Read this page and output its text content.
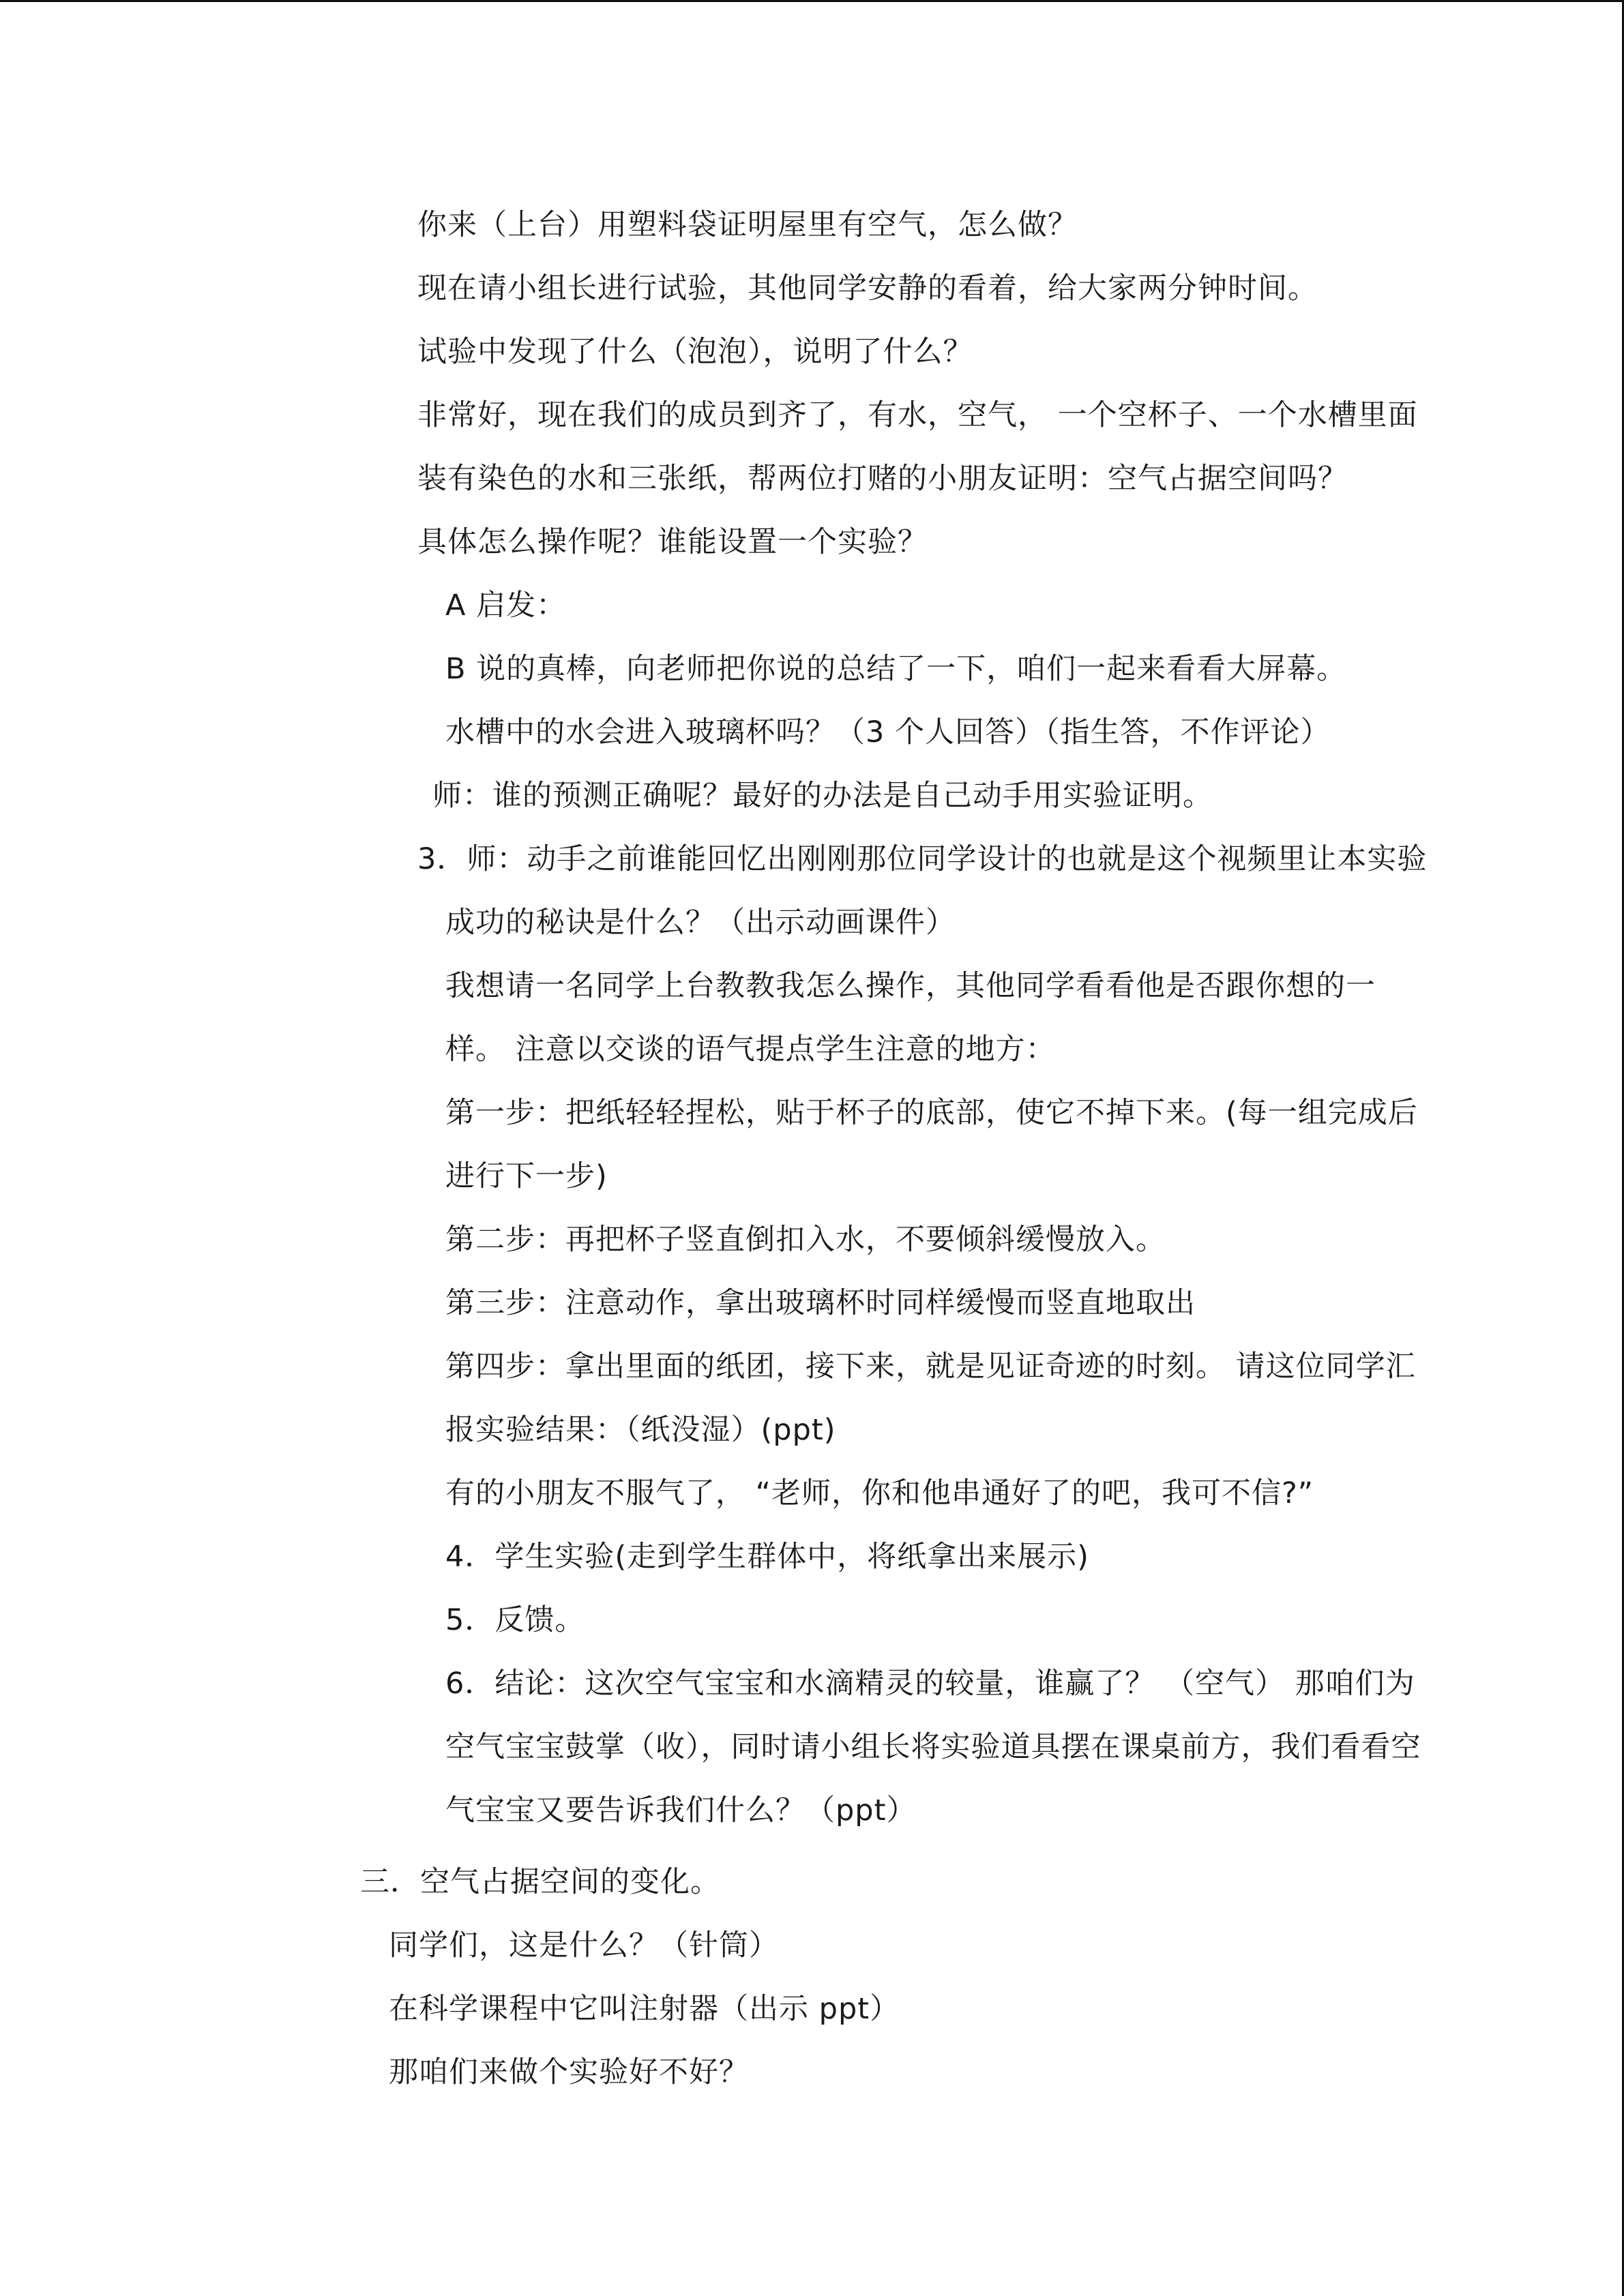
你来（上台）用塑料袋证明屋里有空气，怎么做？
现在请小组长进行试验，其他同学安静的看着，给大家两分钟时间。
试验中发现了什么（泡泡），说明了什么？
非常好，现在我们的成员到齐了，有水，空气， 一个空杯子、一个水槽里面
装有染色的水和三张纸，帮两位打赌的小朋友证明：空气占据空间吗？
具体怎么操作呢？谁能设置一个实验？
A 启发：
B 说的真棒，向老师把你说的总结了一下，咱们一起来看看大屏幕。
水槽中的水会进入玻璃杯吗？（3 个人回答）（指生答，不作评论）
师：谁的预测正确呢？最好的办法是自己动手用实验证明。
3．师：动手之前谁能回忆出刚刚那位同学设计的也就是这个视频里让本实验
成功的秘诀是什么？（出示动画课件）
我想请一名同学上台教教我怎么操作，其他同学看看他是否跟你想的一
样。 注意以交谈的语气提点学生注意的地方：
第一步：把纸轻轻捏松，贴于杯子的底部，使它不掉下来。(每一组完成后
进行下一步)
第二步：再把杯子竖直倒扣入水，不要倾斜缓慢放入。
第三步：注意动作，拿出玻璃杯时同样缓慢而竖直地取出
第四步：拿出里面的纸团，接下来，就是见证奇迹的时刻。 请这位同学汇
报实验结果：（纸没湿）(ppt)
有的小朋友不服气了， “老师，你和他串通好了的吧，我可不信?”
4．学生实验(走到学生群体中，将纸拿出来展示)
5．反馈。
6．结论：这次空气宝宝和水滴精灵的较量，谁赢了？ （空气） 那咱们为
空气宝宝鼓掌（收），同时请小组长将实验道具摆在课桌前方，我们看看空
气宝宝又要告诉我们什么？（ppt）
三．空气占据空间的变化。
同学们，这是什么？（针筒）
在科学课程中它叫注射器（出示 ppt）
那咱们来做个实验好不好？
